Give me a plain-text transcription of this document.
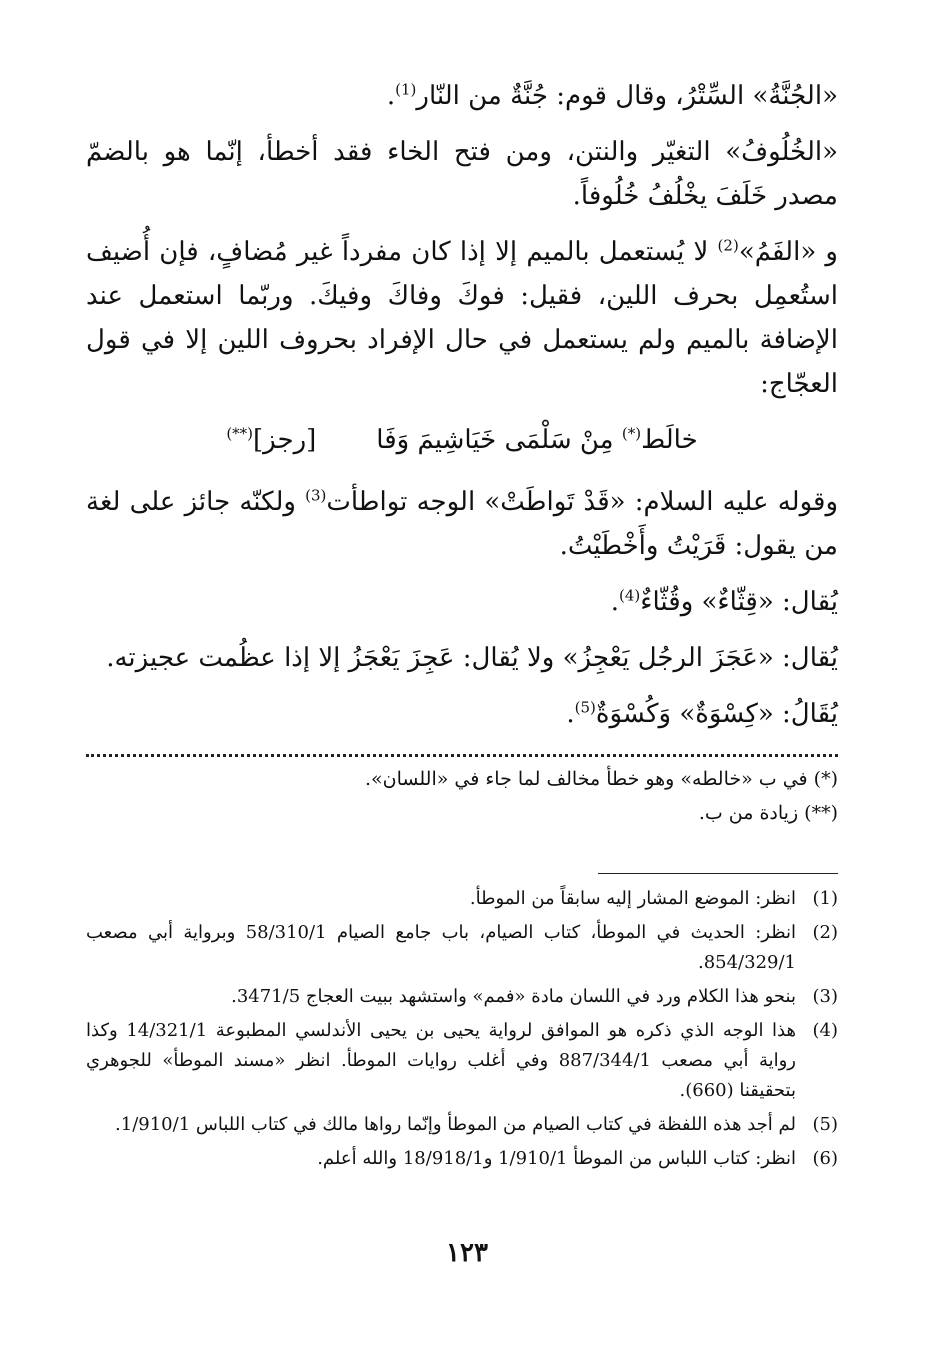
«الجُنَّةُ» السِّتْرُ، وقال قوم: جُنَّةٌ من النّار$^{(1)}$.

«الخُلُوفُ» التغيّر والنتن، ومن فتح الخاء فقد أخطأ، إنّما هو بالضمّ مصدر خَلَفَ يخْلُفُ خُلُوفاً.

و «الفَمُ»$^{(2)}$ لا يُستعمل بالميم إلا إذا كان مفرداً غير مُضافٍ، فإن أُضيف استُعمِل بحرف اللين، فقيل: فوكَ وفاكَ وفيكَ. وربّما استعمل عند الإضافة بالميم ولم يستعمل في حال الإفراد بحروف اللين إلا في قول العجّاج:

خالَط(*) مِنْ سَلْمَى خَيَاشِيمَ وَفَا
[رجز](**)

وقوله عليه السلام: «قَدْ تَواطَتْ» الوجه تواطأت$^{(3)}$ ولكنّه جائز على لغة من يقول: قَرَيْتُ وأَخْطَيْتُ.

يُقال: «قِثّاءٌ» وقُثّاءٌ$^{(4)}$.

يُقال: «عَجَزَ الرجُل يَعْجِزُ» ولا يُقال: عَجِزَ يَعْجَزُ إلا إذا عظُمت عجيزته.

يُقَالُ: «كِسْوَةٌ» وَكُسْوَةٌ$^{(5)}$.

(*) في ب «خالطه» وهو خطأ مخالف لما جاء في «اللسان».

(**) زيادة من ب.

(1)
انظر: الموضع المشار إليه سابقاً من الموطأ.
(2)
انظر: الحديث في الموطأ، كتاب الصيام، باب جامع الصيام 58/310/1 وبرواية أبي مصعب 854/329/1.
(3)
بنحو هذا الكلام ورد في اللسان مادة «فمم» واستشهد ببيت العجاج 3471/5.
(4)
هذا الوجه الذي ذكره هو الموافق لرواية يحيى بن يحيى الأندلسي المطبوعة 14/321/1 وكذا رواية أبي مصعب 887/344/1 وفي أغلب روايات الموطأ. انظر «مسند الموطأ» للجوهري بتحقيقنا (660).
(5)
لم أجد هذه اللفظة في كتاب الصيام من الموطأ وإنّما رواها مالك في كتاب اللباس 1/910/1.
(6)
انظر: كتاب اللباس من الموطأ 1/910/1 و18/918/1 والله أعلم.
١٢٣
